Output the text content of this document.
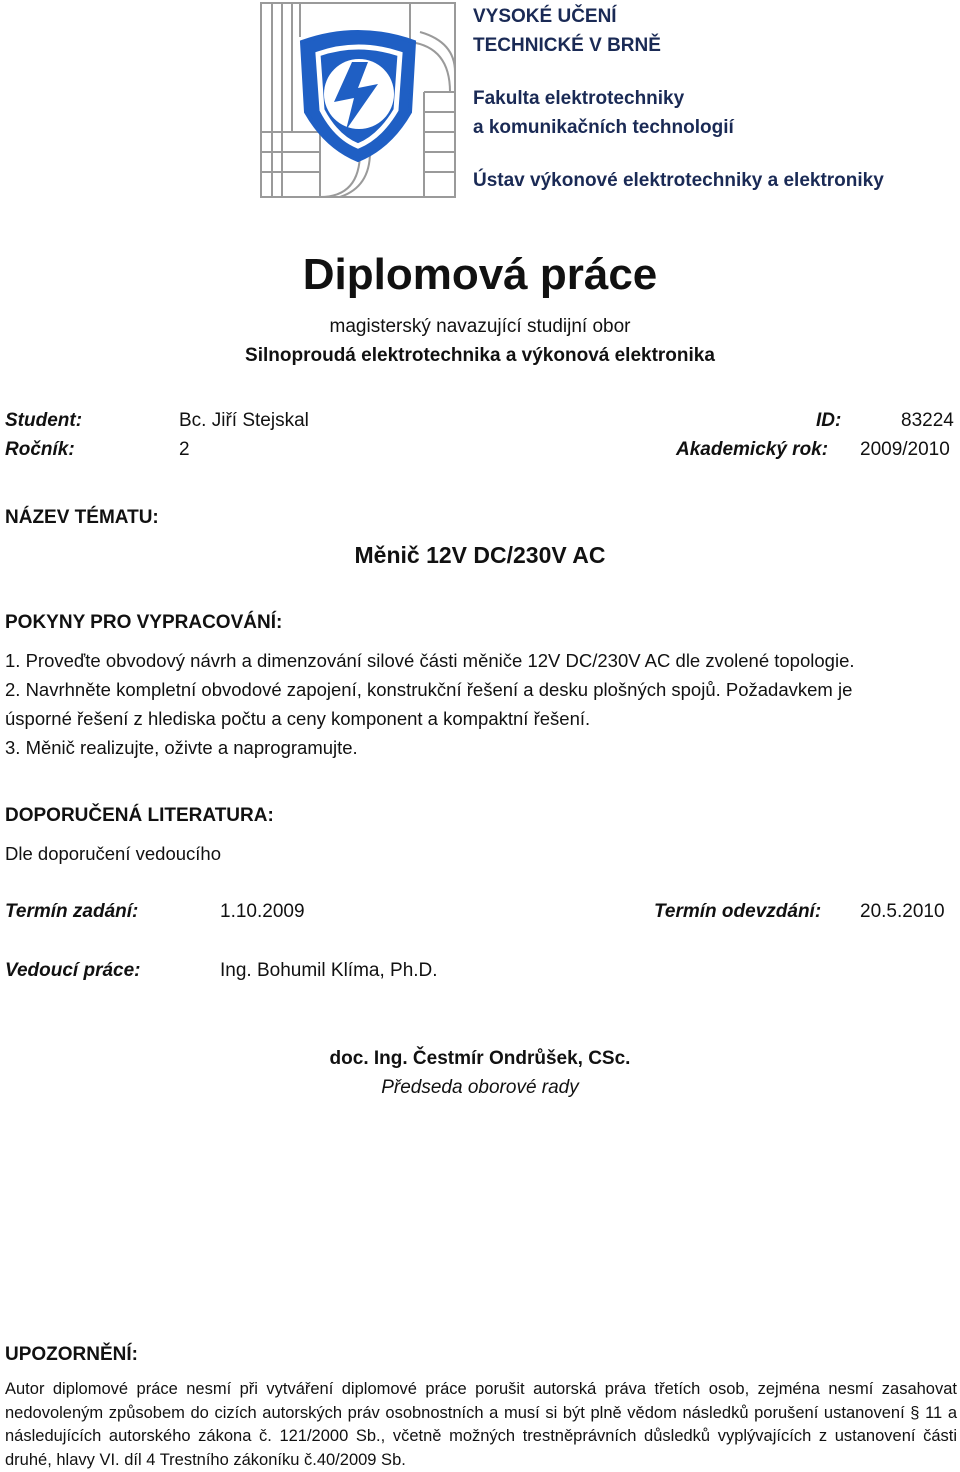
VYSOKÉ UČENÍ
TECHNICKÉ V BRNĚ
Fakulta elektrotechniky
a komunikačních technologií
Ústav výkonové elektrotechniky a elektroniky
Diplomová práce
magisterský navazující studijní obor
Silnoproudá elektrotechnika a výkonová elektronika
Student:	Bc. Jiří Stejskal	ID:	83224
Ročník:	2	Akademický rok: 2009/2010
NÁZEV TÉMATU:
Měnič 12V DC/230V AC
POKYNY PRO VYPRACOVÁNÍ:
1. Proveďte obvodový návrh a dimenzování silové části měniče 12V DC/230V AC dle zvolené topologie.
2. Navrhněte kompletní obvodové zapojení, konstrukční řešení a desku plošných spojů. Požadavkem je
úsporné řešení z hlediska počtu a ceny komponent a kompaktní řešení.
3. Měnič realizujte, oživte a naprogramujte.
DOPORUČENÁ LITERATURA:
Dle doporučení vedoucího
Termín zadání:	1.10.2009	Termín odevzdání: 20.5.2010
Vedoucí práce:	Ing. Bohumil Klíma, Ph.D.
doc. Ing. Čestmír Ondrůšek, CSc.
Předseda oborové rady
UPOZORNĚNÍ:
Autor diplomové práce nesmí při vytváření diplomové práce porušit autorská práva třetích osob, zejména nesmí zasahovat nedovoleným způsobem do cizích autorských práv osobnostních a musí si být plně vědom následků porušení ustanovení § 11 a následujících autorského zákona č. 121/2000 Sb., včetně možných trestněprávních důsledků vyplývajících z ustanovení části druhé, hlavy VI. díl 4 Trestního zákoníku č.40/2009 Sb.
